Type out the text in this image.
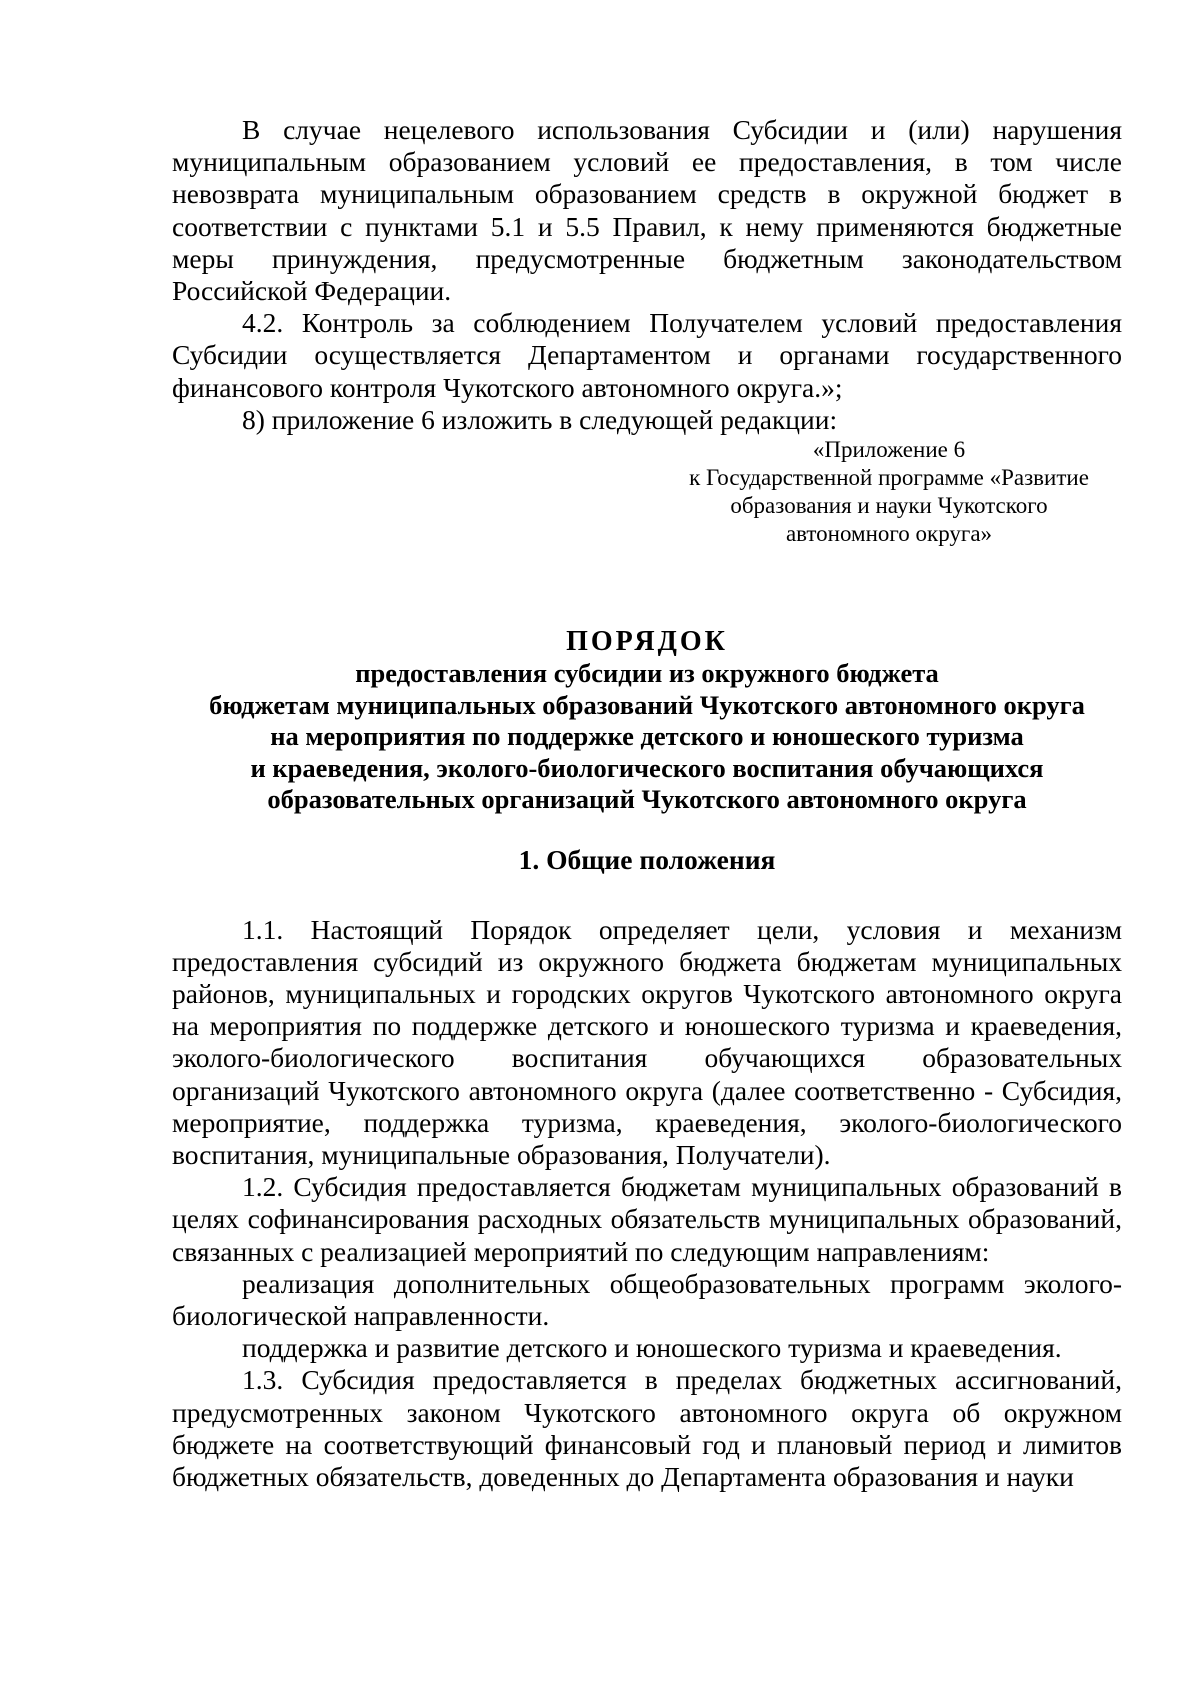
В случае нецелевого использования Субсидии и (или) нарушения муниципальным образованием условий ее предоставления, в том числе невозврата муниципальным образованием средств в окружной бюджет в соответствии с пунктами 5.1 и 5.5 Правил, к нему применяются бюджетные меры принуждения, предусмотренные бюджетным законодательством Российской Федерации.

4.2. Контроль за соблюдением Получателем условий предоставления Субсидии осуществляется Департаментом и органами государственного финансового контроля Чукотского автономного округа.»;

8) приложение 6 изложить в следующей редакции:

«Приложение 6
к Государственной программе «Развитие
образования и науки Чукотского
автономного округа»
ПОРЯДОК
предоставления субсидии из окружного бюджета
бюджетам муниципальных образований Чукотского автономного округа
на мероприятия по поддержке детского и юношеского туризма
и краеведения, эколого-биологического воспитания обучающихся
образовательных организаций Чукотского автономного округа
1. Общие положения

1.1. Настоящий Порядок определяет цели, условия и механизм предоставления субсидий из окружного бюджета бюджетам муниципальных районов, муниципальных и городских округов Чукотского автономного округа на мероприятия по поддержке детского и юношеского туризма и краеведения, эколого-биологического воспитания обучающихся образовательных организаций Чукотского автономного округа (далее соответственно - Субсидия, мероприятие, поддержка туризма, краеведения, эколого-биологического воспитания, муниципальные образования, Получатели).

1.2. Субсидия предоставляется бюджетам муниципальных образований в целях софинансирования расходных обязательств муниципальных образований, связанных с реализацией мероприятий по следующим направлениям:

реализация дополнительных общеобразовательных программ эколого-биологической направленности.

поддержка и развитие детского и юношеского туризма и краеведения.

1.3. Субсидия предоставляется в пределах бюджетных ассигнований, предусмотренных законом Чукотского автономного округа об окружном бюджете на соответствующий финансовый год и плановый период и лимитов бюджетных обязательств, доведенных до Департамента образования и науки
